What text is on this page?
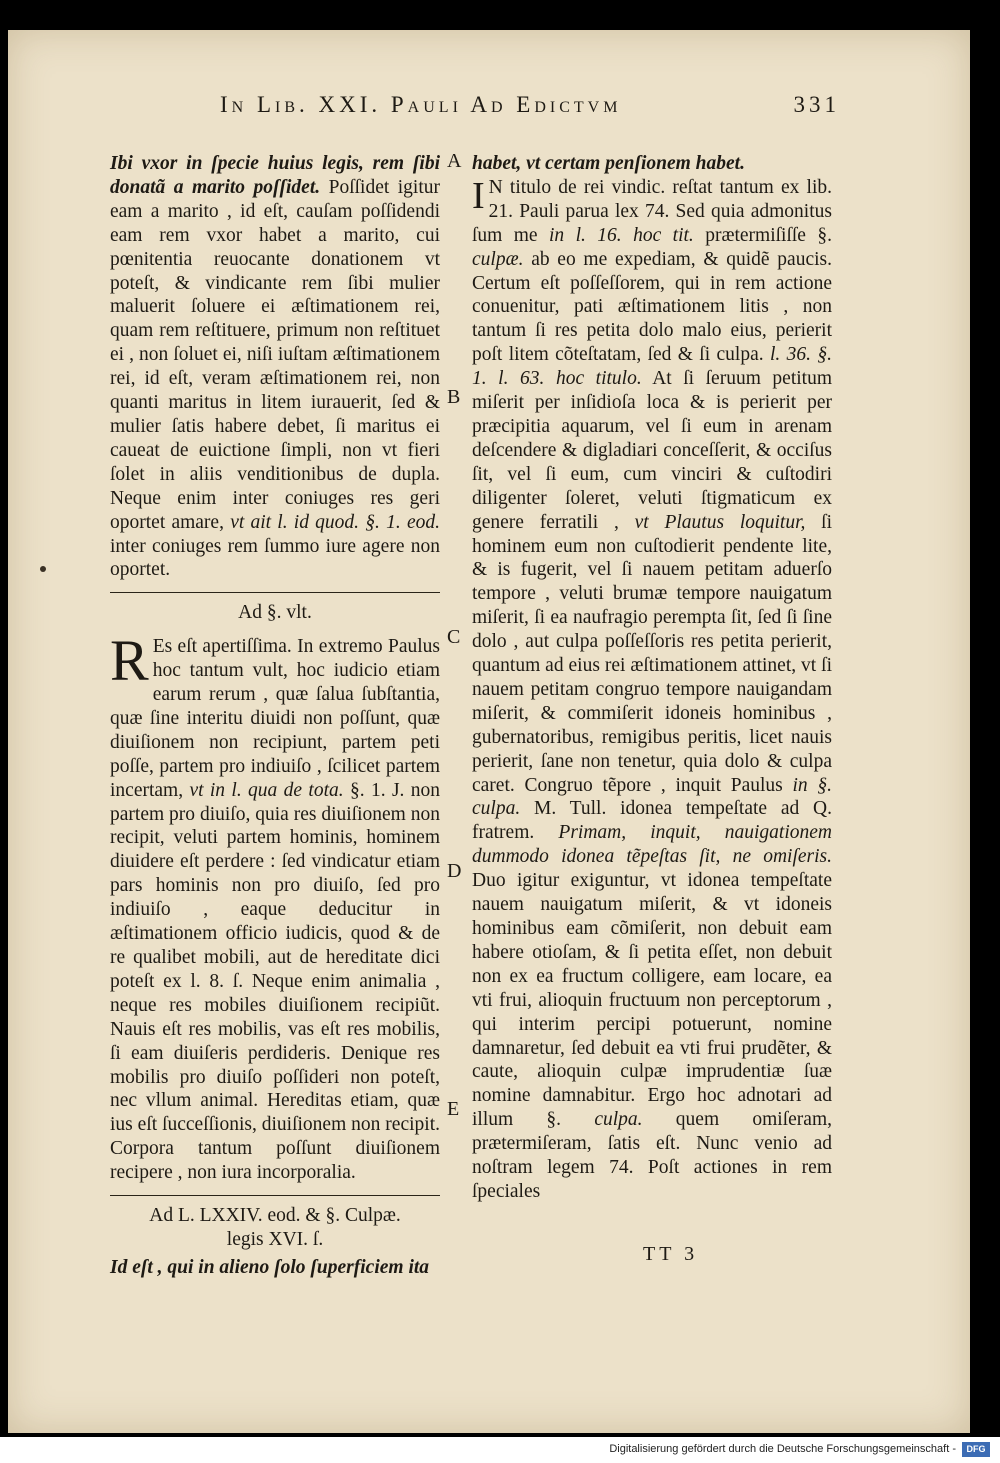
In Lib. XXI. Pauli Ad Edictvm	331

Ibi vxor in ſpecie huius legis, rem ſibi donatã a marito poſſidet. Poſſidet igitur eam a marito , id eſt, cauſam poſſidendi eam rem vxor habet a marito, cui pœnitentia reuocante donationem vt poteſt, & vindicante rem ſibi mulier maluerit ſoluere ei æſtimationem rei, quam rem reſtituere, primum non reſtituet ei , non ſoluet ei, niſi iuſtam æſtimationem rei, id eſt, veram æſtimationem rei, non quanti maritus in litem iurauerit, ſed & mulier ſatis habere debet, ſi maritus ei caueat de euictione ſimpli, non vt fieri ſolet in aliis venditionibus de dupla. Neque enim inter coniuges res geri oportet amare, vt ait l. id quod. §. 1. eod. inter coniuges rem ſummo iure agere non oportet.

Ad §. vlt.

R Es eſt apertiſſima. In extremo Paulus hoc tantum vult, hoc iudicio etiam earum rerum , quæ ſalua ſubſtantia, quæ ſine interitu diuidi non poſſunt, quæ diuiſionem non recipiunt, partem peti poſſe, partem pro indiuiſo , ſcilicet partem incertam, vt in l. qua de tota. §. 1. J. non partem pro diuiſo, quia res diuiſionem non recipit, veluti partem hominis, hominem diuidere eſt perdere : ſed vindicatur etiam pars hominis non pro diuiſo, ſed pro indiuiſo , eaque deducitur in æſtimationem officio iudicis, quod & de re qualibet mobili, aut de hereditate dici poteſt ex l. 8. ſ. Neque enim animalia , neque res mobiles diuiſionem recipiũt. Nauis eſt res mobilis, vas eſt res mobilis, ſi eam diuiſeris perdideris. Denique res mobilis pro diuiſo poſſideri non poteſt, nec vllum animal. Hereditas etiam, quæ ius eſt ſucceſſionis, diuiſionem non recipit. Corpora tantum poſſunt diuiſionem recipere , non iura incorporalia.

Ad L. LXXIV. eod. & §. Culpæ.
legis XVI. ſ.

Id eſt , qui in alieno ſolo ſuperficiem ita

habet, vt certam penſionem habet.

I N titulo de rei vindic. reſtat tantum ex lib. 21. Pauli parua lex 74. Sed quia admonitus ſum me in l. 16. hoc tit. prætermiſiſſe §. culpæ. ab eo me expediam, & quidẽ paucis. Certum eſt poſſeſſorem, qui in rem actione conuenitur, pati æſtimationem litis , non tantum ſi res petita dolo malo eius, perierit poſt litem cõteſtatam, ſed & ſi culpa. l. 36. §. 1. l. 63. hoc titulo. At ſi ſeruum petitum miſerit per inſidioſa loca & is perierit per præcipitia aquarum, vel ſi eum in arenam deſcendere & digladiari conceſſerit, & occiſus ſit, vel ſi eum, cum vinciri & cuſtodiri diligenter ſoleret, veluti ſtigmaticum ex genere ferratili , vt Plautus loquitur, ſi hominem eum non cuſtodierit pendente lite, & is fugerit, vel ſi nauem petitam aduerſo tempore , veluti brumæ tempore nauigatum miſerit, ſi ea naufragio perempta ſit, ſed ſi ſine dolo , aut culpa poſſeſſoris res petita perierit, quantum ad eius rei æſtimationem attinet, vt ſi nauem petitam congruo tempore nauigandam miſerit, & commiſerit idoneis hominibus , gubernatoribus, remigibus peritis, licet nauis perierit, ſane non tenetur, quia dolo & culpa caret. Congruo tẽpore , inquit Paulus in §. culpa. M. Tull. idonea tempeſtate ad Q. fratrem. Primam, inquit, nauigationem dummodo idonea tẽpeſtas ſit, ne omiſeris. Duo igitur exiguntur, vt idonea tempeſtate nauem nauigatum miſerit, & vt idoneis hominibus eam cõmiſerit, non debuit eam habere otioſam, & ſi petita eſſet, non debuit non ex ea fructum colligere, eam locare, ea vti frui, alioquin fructuum non perceptorum , qui interim percipi potuerunt, nomine damnaretur, ſed debuit ea vti frui prudẽter, & caute, alioquin culpæ imprudentiæ ſuæ nomine damnabitur. Ergo hoc adnotari ad illum §. culpa. quem omiſeram, prætermiſeram, ſatis eſt. Nunc venio ad noſtram legem 74. Poſt actiones in rem ſpeciales

A
B
C
D
E
TT 3
Digitalisierung gefördert durch die Deutsche Forschungsgemeinschaft -	DFG
